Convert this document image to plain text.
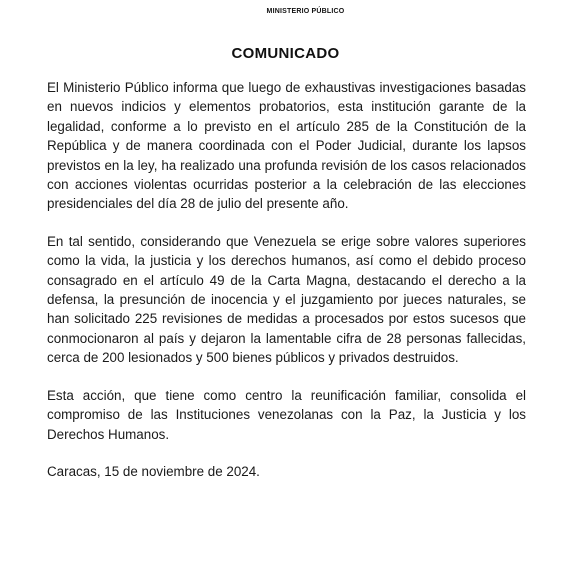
MINISTERIO PÚBLICO
COMUNICADO

El Ministerio Público informa que luego de exhaustivas investigaciones basadas en nuevos indicios y elementos probatorios, esta institución garante de la legalidad, conforme a lo previsto en el artículo 285 de la Constitución de la República y de manera coordinada con el Poder Judicial, durante los lapsos previstos en la ley, ha realizado una profunda revisión de los casos relacionados con acciones violentas ocurridas posterior a la celebración de las elecciones presidenciales del día 28 de julio del presente año.

En tal sentido, considerando que Venezuela se erige sobre valores superiores como la vida, la justicia y los derechos humanos, así como el debido proceso consagrado en el artículo 49 de la Carta Magna, destacando el derecho a la defensa, la presunción de inocencia y el juzgamiento por jueces naturales, se han solicitado 225 revisiones de medidas a procesados por estos sucesos que conmocionaron al país y dejaron la lamentable cifra de 28 personas fallecidas, cerca de 200 lesionados y 500 bienes públicos y privados destruidos.

Esta acción, que tiene como centro la reunificación familiar, consolida el compromiso de las Instituciones venezolanas con la Paz, la Justicia y los Derechos Humanos.

Caracas, 15 de noviembre de 2024.
